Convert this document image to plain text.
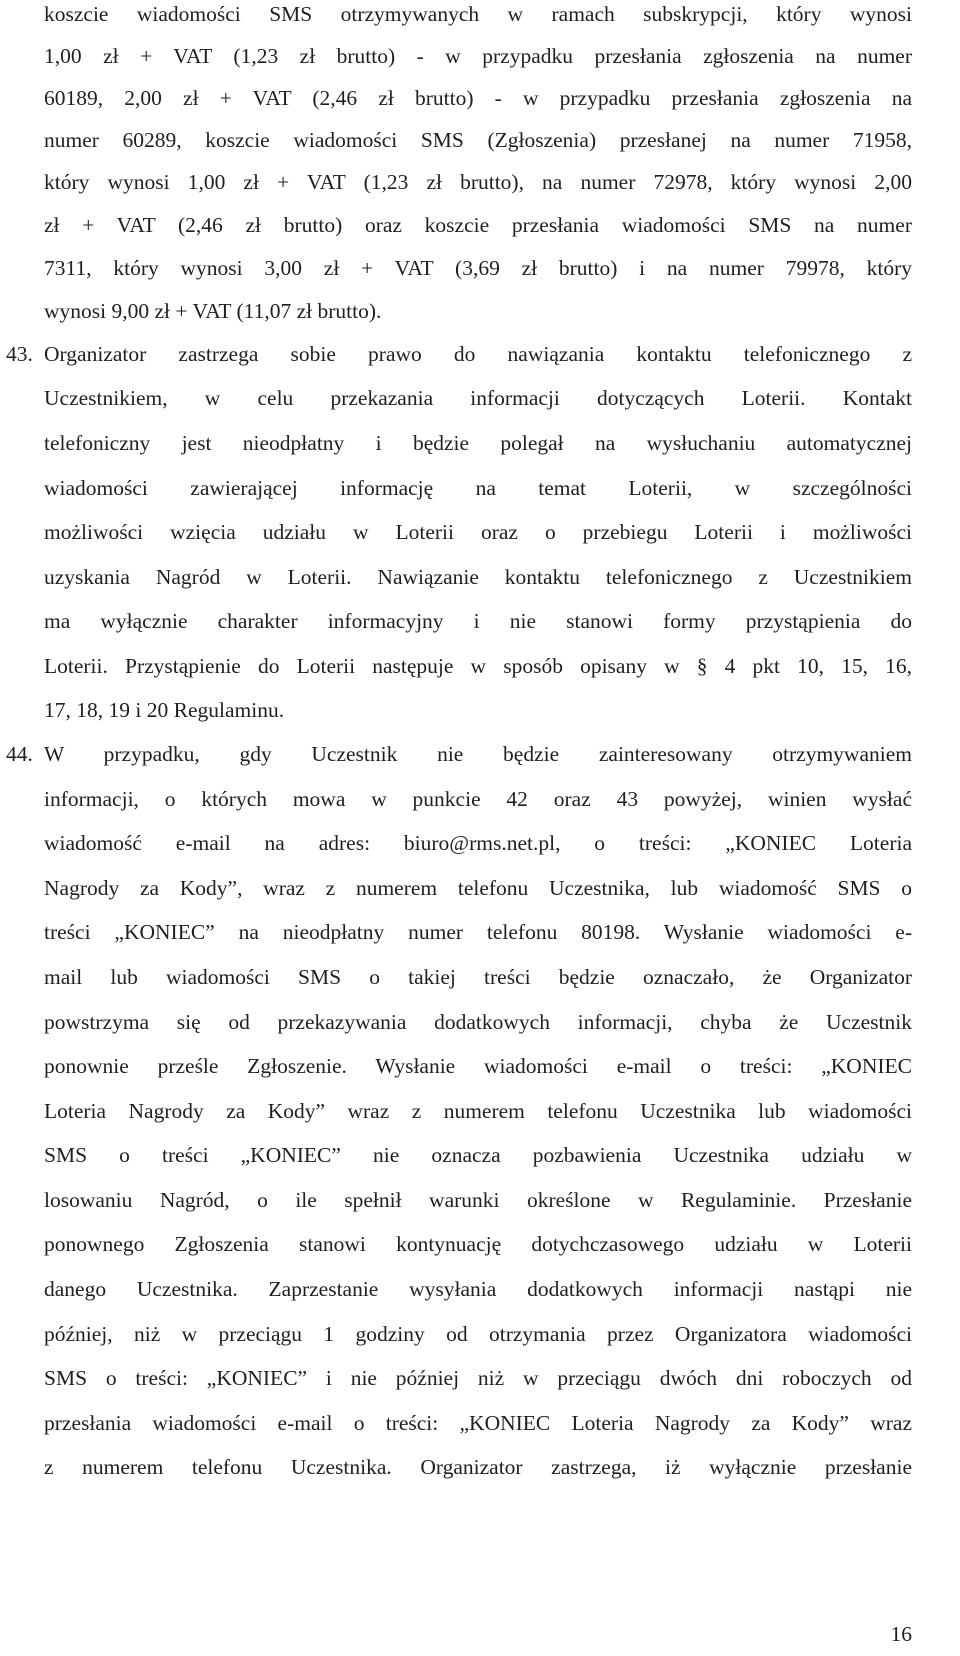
koszcie wiadomości SMS otrzymywanych w ramach subskrypcji, który wynosi
1,00 zł + VAT (1,23 zł brutto) - w przypadku przesłania zgłoszenia na numer
60189, 2,00 zł + VAT (2,46 zł brutto) - w przypadku przesłania zgłoszenia na
numer 60289, koszcie wiadomości SMS (Zgłoszenia) przesłanej na numer 71958,
który wynosi 1,00 zł + VAT (1,23 zł brutto), na numer 72978, który wynosi 2,00
zł + VAT (2,46 zł brutto) oraz koszcie przesłania wiadomości SMS na numer
7311, który wynosi 3,00 zł + VAT (3,69 zł brutto) i na numer 79978, który
wynosi 9,00 zł + VAT (11,07 zł brutto).
43. Organizator zastrzega sobie prawo do nawiązania kontaktu telefonicznego z
Uczestnikiem, w celu przekazania informacji dotyczących Loterii. Kontakt
telefoniczny jest nieodpłatny i będzie polegał na wysłuchaniu automatycznej
wiadomości zawierającej informację na temat Loterii, w szczególności
możliwości wzięcia udziału w Loterii oraz o przebiegu Loterii i możliwości
uzyskania Nagród w Loterii. Nawiązanie kontaktu telefonicznego z Uczestnikiem
ma wyłącznie charakter informacyjny i nie stanowi formy przystąpienia do
Loterii. Przystąpienie do Loterii następuje w sposób opisany w § 4 pkt 10, 15, 16,
17, 18, 19 i 20 Regulaminu.
44. W przypadku, gdy Uczestnik nie będzie zainteresowany otrzymywaniem
informacji, o których mowa w punkcie 42 oraz 43 powyżej, winien wysłać
wiadomość e-mail na adres: biuro@rms.net.pl, o treści: „KONIEC Loteria
Nagrody za Kody”, wraz z numerem telefonu Uczestnika, lub wiadomość SMS o
treści „KONIEC” na nieodpłatny numer telefonu 80198. Wysłanie wiadomości e-
mail lub wiadomości SMS o takiej treści będzie oznaczało, że Organizator
powstrzyma się od przekazywania dodatkowych informacji, chyba że Uczestnik
ponownie prześle Zgłoszenie. Wysłanie wiadomości e-mail o treści: „KONIEC
Loteria Nagrody za Kody” wraz z numerem telefonu Uczestnika lub wiadomości
SMS o treści „KONIEC” nie oznacza pozbawienia Uczestnika udziału w
losowaniu Nagród, o ile spełnił warunki określone w Regulaminie. Przesłanie
ponownego Zgłoszenia stanowi kontynuację dotychczasowego udziału w Loterii
danego Uczestnika. Zaprzestanie wysyłania dodatkowych informacji nastąpi nie
później, niż w przeciągu 1 godziny od otrzymania przez Organizatora wiadomości
SMS o treści: „KONIEC” i nie później niż w przeciągu dwóch dni roboczych od
przesłania wiadomości e-mail o treści: „KONIEC Loteria Nagrody za Kody” wraz
z numerem telefonu Uczestnika. Organizator zastrzega, iż wyłącznie przesłanie
16
